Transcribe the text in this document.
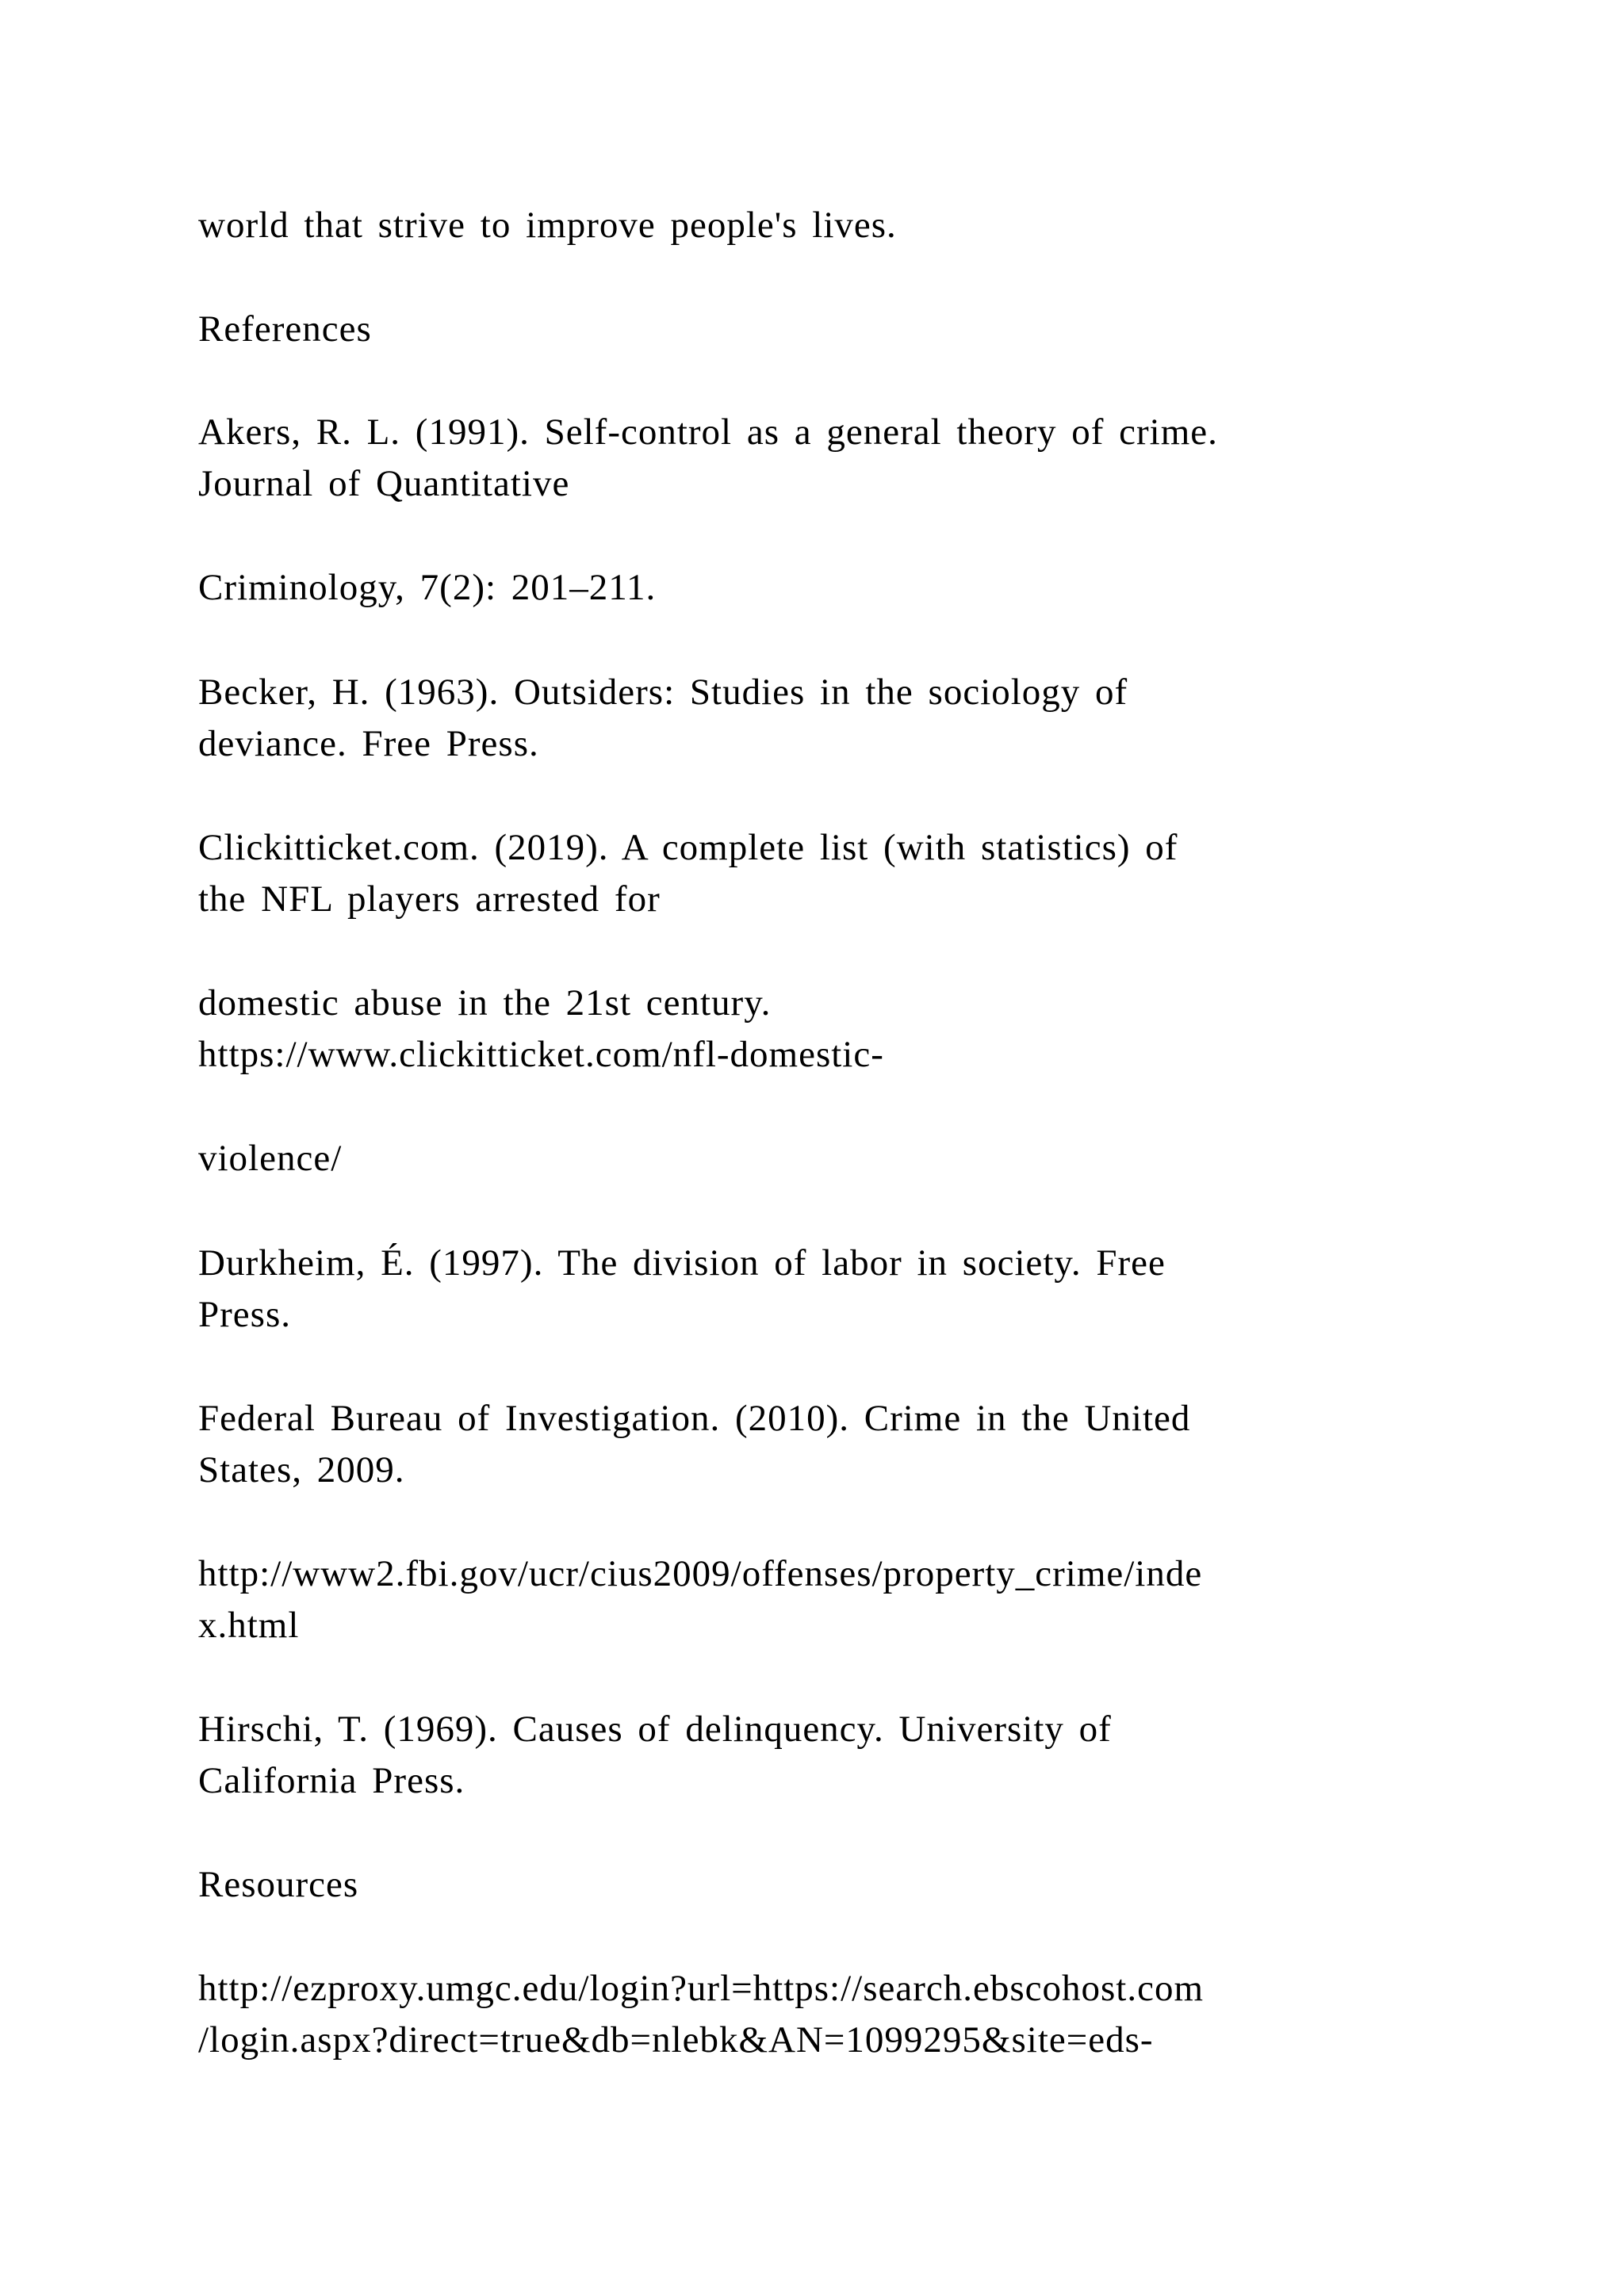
world that strive to improve people's lives.
References
Akers, R. L. (1991). Self-control as a general theory of crime.
Journal of Quantitative
Criminology, 7(2): 201–211.
Becker, H. (1963). Outsiders: Studies in the sociology of
deviance. Free Press.
Clickitticket.com. (2019). A complete list (with statistics) of
the NFL players arrested for
domestic abuse in the 21st century.
https://www.clickitticket.com/nfl-domestic-
violence/
Durkheim, É. (1997). The division of labor in society. Free
Press.
Federal Bureau of Investigation. (2010). Crime in the United
States, 2009.
http://www2.fbi.gov/ucr/cius2009/offenses/property_crime/inde
x.html
Hirschi, T. (1969). Causes of delinquency. University of
California Press.
Resources
http://ezproxy.umgc.edu/login?url=https://search.ebscohost.com
/login.aspx?direct=true&db=nlebk&AN=1099295&site=eds-
